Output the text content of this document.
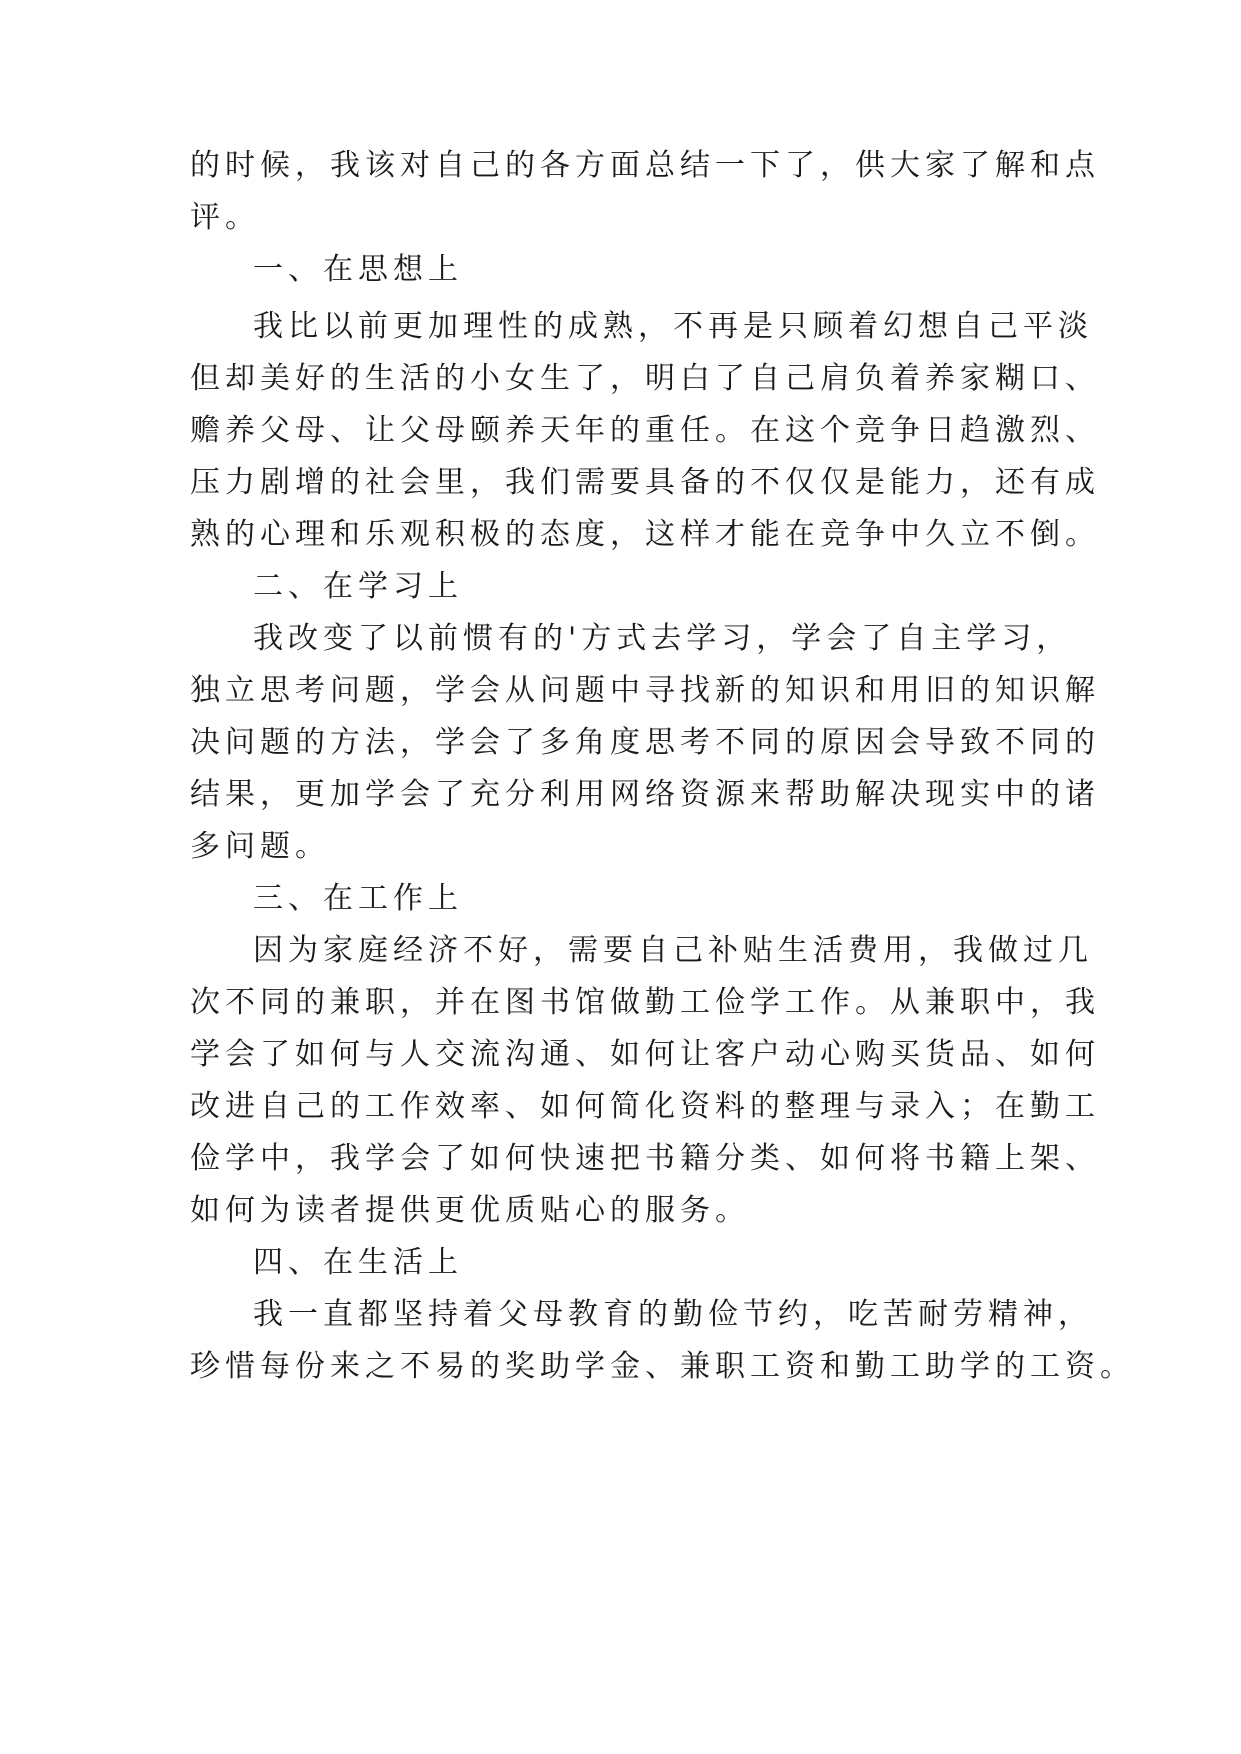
的时候，我该对自己的各方面总结一下了，供大家了解和点
评。
一、在思想上
我比以前更加理性的成熟，不再是只顾着幻想自己平淡
但却美好的生活的小女生了，明白了自己肩负着养家糊口、
赡养父母、让父母颐养天年的重任。在这个竞争日趋激烈、
压力剧增的社会里，我们需要具备的不仅仅是能力，还有成
熟的心理和乐观积极的态度，这样才能在竞争中久立不倒。
二、在学习上
我改变了以前惯有的'方式去学习，学会了自主学习，
独立思考问题，学会从问题中寻找新的知识和用旧的知识解
决问题的方法，学会了多角度思考不同的原因会导致不同的
结果，更加学会了充分利用网络资源来帮助解决现实中的诸
多问题。
三、在工作上
因为家庭经济不好，需要自己补贴生活费用，我做过几
次不同的兼职，并在图书馆做勤工俭学工作。从兼职中，我
学会了如何与人交流沟通、如何让客户动心购买货品、如何
改进自己的工作效率、如何简化资料的整理与录入；在勤工
俭学中，我学会了如何快速把书籍分类、如何将书籍上架、
如何为读者提供更优质贴心的服务。
四、在生活上
我一直都坚持着父母教育的勤俭节约，吃苦耐劳精神，
珍惜每份来之不易的奖助学金、兼职工资和勤工助学的工资。
